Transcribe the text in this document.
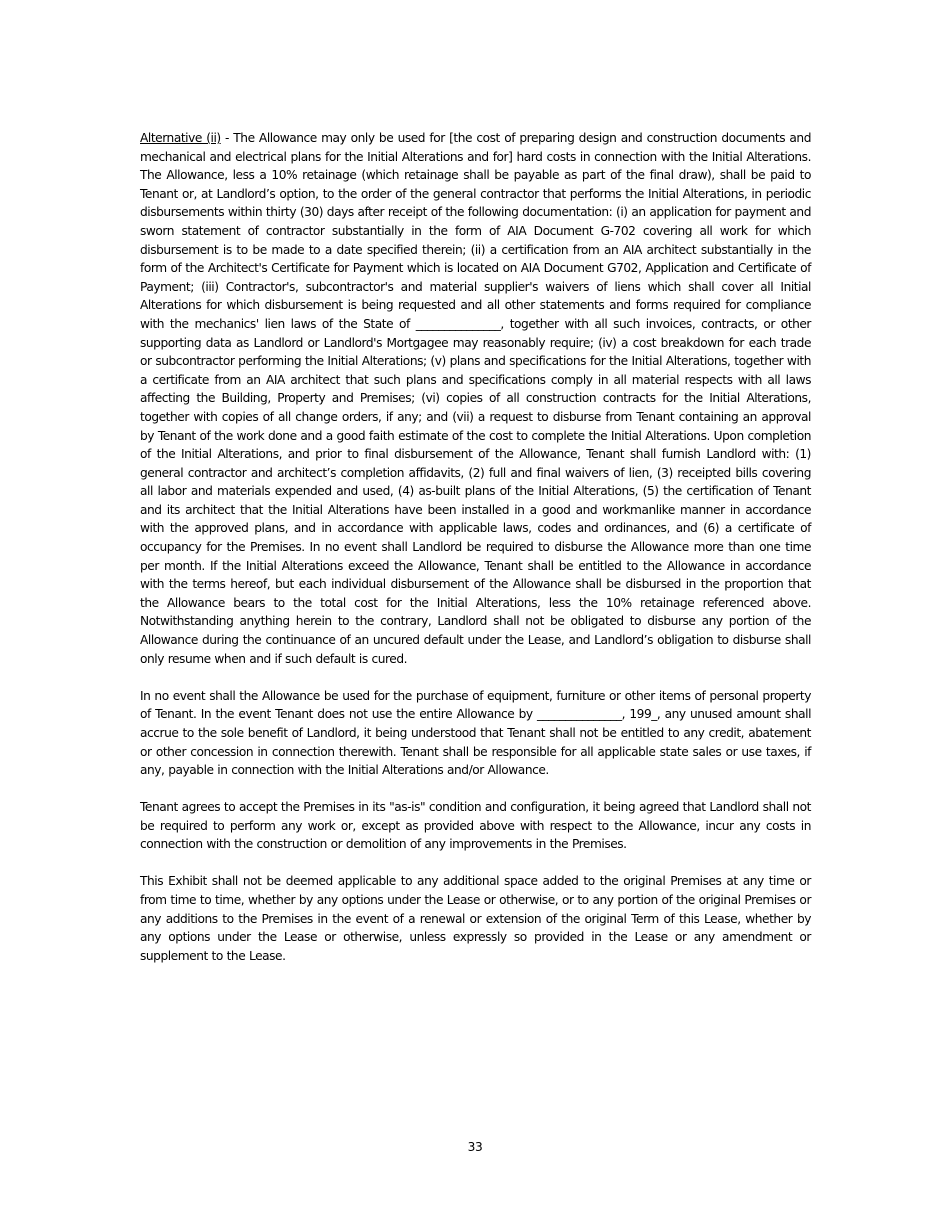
Alternative (ii) - The Allowance may only be used for [the cost of preparing design and construction documents and mechanical and electrical plans for the Initial Alterations and for] hard costs in connection with the Initial Alterations. The Allowance, less a 10% retainage (which retainage shall be payable as part of the final draw), shall be paid to Tenant or, at Landlord’s option, to the order of the general contractor that performs the Initial Alterations, in periodic disbursements within thirty (30) days after receipt of the following documentation: (i) an application for payment and sworn statement of contractor substantially in the form of AIA Document G-702 covering all work for which disbursement is to be made to a date specified therein; (ii) a certification from an AIA architect substantially in the form of the Architect's Certificate for Payment which is located on AIA Document G702, Application and Certificate of Payment; (iii) Contractor's, subcontractor's and material supplier's waivers of liens which shall cover all Initial Alterations for which disbursement is being requested and all other statements and forms required for compliance with the mechanics' lien laws of the State of _______________, together with all such invoices, contracts, or other supporting data as Landlord or Landlord's Mortgagee may reasonably require; (iv) a cost breakdown for each trade or subcontractor performing the Initial Alterations; (v) plans and specifications for the Initial Alterations, together with a certificate from an AIA architect that such plans and specifications comply in all material respects with all laws affecting the Building, Property and Premises; (vi) copies of all construction contracts for the Initial Alterations, together with copies of all change orders, if any; and (vii) a request to disburse from Tenant containing an approval by Tenant of the work done and a good faith estimate of the cost to complete the Initial Alterations. Upon completion of the Initial Alterations, and prior to final disbursement of the Allowance, Tenant shall furnish Landlord with: (1) general contractor and architect’s completion affidavits, (2) full and final waivers of lien, (3) receipted bills covering all labor and materials expended and used, (4) as-built plans of the Initial Alterations, (5) the certification of Tenant and its architect that the Initial Alterations have been installed in a good and workmanlike manner in accordance with the approved plans, and in accordance with applicable laws, codes and ordinances, and (6) a certificate of occupancy for the Premises. In no event shall Landlord be required to disburse the Allowance more than one time per month. If the Initial Alterations exceed the Allowance, Tenant shall be entitled to the Allowance in accordance with the terms hereof, but each individual disbursement of the Allowance shall be disbursed in the proportion that the Allowance bears to the total cost for the Initial Alterations, less the 10% retainage referenced above. Notwithstanding anything herein to the contrary, Landlord shall not be obligated to disburse any portion of the Allowance during the continuance of an uncured default under the Lease, and Landlord’s obligation to disburse shall only resume when and if such default is cured.

In no event shall the Allowance be used for the purchase of equipment, furniture or other items of personal property of Tenant. In the event Tenant does not use the entire Allowance by _______________, 199_, any unused amount shall accrue to the sole benefit of Landlord, it being understood that Tenant shall not be entitled to any credit, abatement or other concession in connection therewith. Tenant shall be responsible for all applicable state sales or use taxes, if any, payable in connection with the Initial Alterations and/or Allowance.

Tenant agrees to accept the Premises in its "as-is" condition and configuration, it being agreed that Landlord shall not be required to perform any work or, except as provided above with respect to the Allowance, incur any costs in connection with the construction or demolition of any improvements in the Premises.

This Exhibit shall not be deemed applicable to any additional space added to the original Premises at any time or from time to time, whether by any options under the Lease or otherwise, or to any portion of the original Premises or any additions to the Premises in the event of a renewal or extension of the original Term of this Lease, whether by any options under the Lease or otherwise, unless expressly so provided in the Lease or any amendment or supplement to the Lease.

33
